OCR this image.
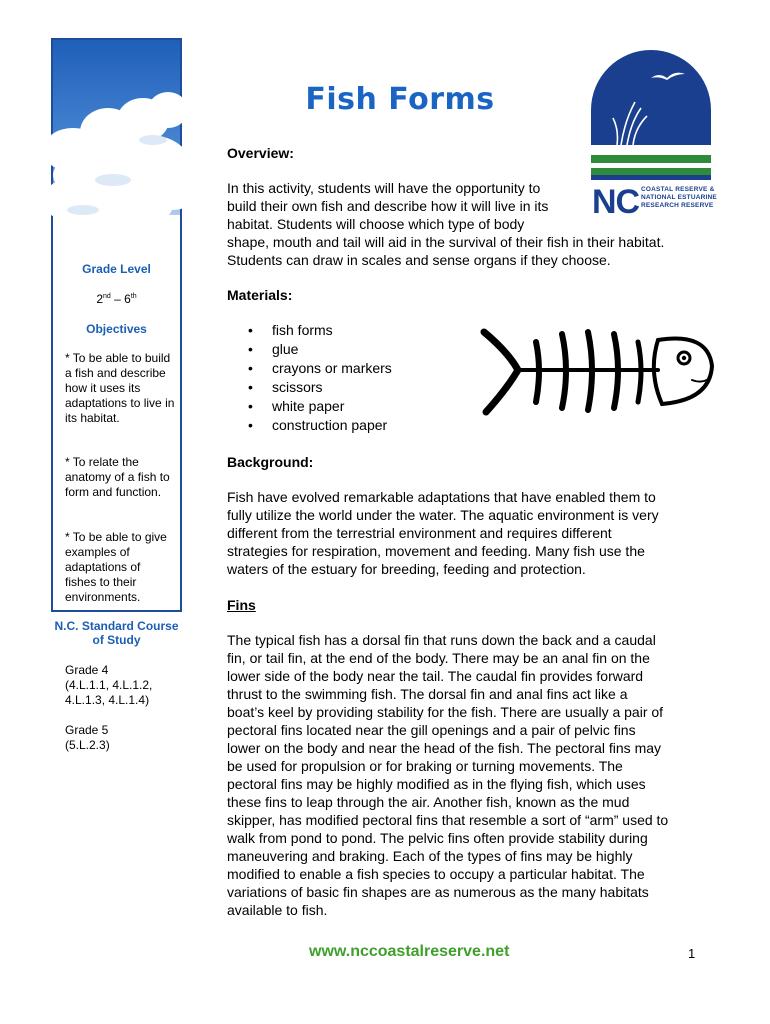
Grade Level
2nd – 6th
Objectives
* To be able to build a fish and describe how it uses its adaptations to live in its habitat.
* To relate the anatomy of a fish to form and function.
* To be able to give examples of adaptations of fishes to their environments.
N.C. Standard Course of Study
Grade 4
(4.L.1.1, 4.L.1.2, 4.L.1.3, 4.L.1.4)
Grade 5
(5.L.2.3)
Fish Forms
NC COASTAL RESERVE &
NATIONAL ESTUARINE
RESEARCH RESERVE
Overview:
In this activity, students will have the opportunity to
build their own fish and describe how it will live in its
habitat. Students will choose which type of body
shape, mouth and tail will aid in the survival of their fish in their habitat.
Students can draw in scales and sense organs if they choose.
Materials:
• fish forms
• glue
• crayons or markers
• scissors
• white paper
• construction paper
Background:
Fish have evolved remarkable adaptations that have enabled them to
fully utilize the world under the water. The aquatic environment is very
different from the terrestrial environment and requires different
strategies for respiration, movement and feeding. Many fish use the
waters of the estuary for breeding, feeding and protection.
Fins
The typical fish has a dorsal fin that runs down the back and a caudal
fin, or tail fin, at the end of the body. There may be an anal fin on the
lower side of the body near the tail. The caudal fin provides forward
thrust to the swimming fish. The dorsal fin and anal fins act like a
boat’s keel by providing stability for the fish. There are usually a pair of
pectoral fins located near the gill openings and a pair of pelvic fins
lower on the body and near the head of the fish. The pectoral fins may
be used for propulsion or for braking or turning movements. The
pectoral fins may be highly modified as in the flying fish, which uses
these fins to leap through the air. Another fish, known as the mud
skipper, has modified pectoral fins that resemble a sort of “arm” used to
walk from pond to pond. The pelvic fins often provide stability during
maneuvering and braking. Each of the types of fins may be highly
modified to enable a fish species to occupy a particular habitat. The
variations of basic fin shapes are as numerous as the many habitats
available to fish.
www.nccoastalreserve.net	1
